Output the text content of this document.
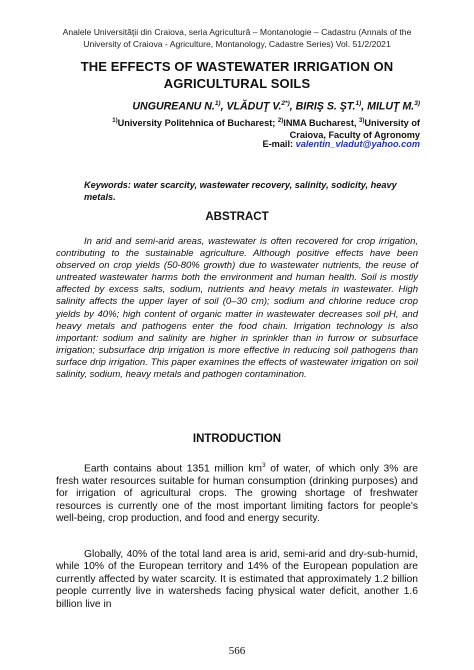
Analele Universităţii din Craiova, seria Agricultură – Montanologie – Cadastru (Annals of the
University of Craiova - Agriculture, Montanology, Cadastre Series) Vol. 51/2/2021
THE EFFECTS OF WASTEWATER IRRIGATION ON
AGRICULTURAL SOILS
UNGUREANU N.$^{1)}$, VLĂDUŢ V.$^{2*)}$, BIRIŞ S. ŞT.$^{1)}$, MILUŢ M.$^{3)}$
$^{1)}$University Politehnica of Bucharest; $^{2)}$INMA Bucharest, $^{3)}$University of
Craiova, Faculty of Agronomy
E-mail: valentin_vladut@yahoo.com
Keywords: water scarcity, wastewater recovery, salinity, sodicity, heavy metals.
ABSTRACT
In arid and semi-arid areas, wastewater is often recovered for crop irrigation, contributing to the sustainable agriculture. Although positive effects have been observed on crop yields (50-80% growth) due to wastewater nutrients, the reuse of untreated wastewater harms both the environment and human health. Soil is mostly affected by excess salts, sodium, nutrients and heavy metals in wastewater. High salinity affects the upper layer of soil (0–30 cm); sodium and chlorine reduce crop yields by 40%; high content of organic matter in wastewater decreases soil pH, and heavy metals and pathogens enter the food chain. Irrigation technology is also important: sodium and salinity are higher in sprinkler than in furrow or subsurface irrigation; subsurface drip irrigation is more effective in reducing soil pathogens than surface drip irrigation. This paper examines the effects of wastewater irrigation on soil salinity, sodium, heavy metals and pathogen contamination.
INTRODUCTION
Earth contains about 1351 million $km^3$ of water, of which only 3% are fresh water resources suitable for human consumption (drinking purposes) and for irrigation of agricultural crops. The growing shortage of freshwater resources is currently one of the most important limiting factors for people's well-being, crop production, and food and energy security.
Globally, 40% of the total land area is arid, semi-arid and dry-sub-humid, while 10% of the European territory and 14% of the European population are currently affected by water scarcity. It is estimated that approximately 1.2 billion people currently live in watersheds facing physical water deficit, another 1.6 billion live in
566
